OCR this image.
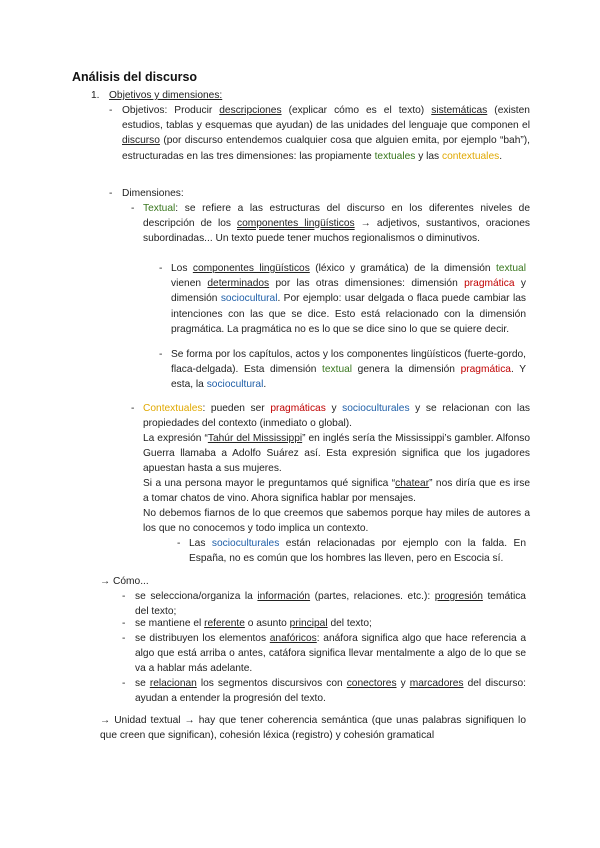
Análisis del discurso
1. Objetivos y dimensiones:
- Objetivos: Producir descripciones (explicar cómo es el texto) sistemáticas (existen estudios, tablas y esquemas que ayudan) de las unidades del lenguaje que componen el discurso (por discurso entendemos cualquier cosa que alguien emita, por ejemplo “bah”), estructuradas en las tres dimensiones: las propiamente textuales y las contextuales.
- Dimensiones:
- Textual: se refiere a las estructuras del discurso en los diferentes niveles de descripción de los componentes lingüísticos → adjetivos, sustantivos, oraciones subordinadas... Un texto puede tener muchos regionalismos o diminutivos.
- Los componentes lingüísticos (léxico y gramática) de la dimensión textual vienen determinados por las otras dimensiones: dimensión pragmática y dimensión sociocultural. Por ejemplo: usar delgada o flaca puede cambiar las intenciones con las que se dice. Esto está relacionado con la dimensión pragmática. La pragmática no es lo que se dice sino lo que se quiere decir.
- Se forma por los capítulos, actos y los componentes lingüísticos (fuerte-gordo, flaca-delgada). Esta dimensión textual genera la dimensión pragmática. Y esta, la sociocultural.
- Contextuales: pueden ser pragmáticas y socioculturales y se relacionan con las propiedades del contexto (inmediato o global).
La expresión “Tahúr del Mississippi” en inglés sería the Mississippi’s gambler. Alfonso Guerra llamaba a Adolfo Suárez así. Esta expresión significa que los jugadores apuestan hasta a sus mujeres.
Si a una persona mayor le preguntamos qué significa “chatear” nos diría que es irse a tomar chatos de vino. Ahora significa hablar por mensajes.
No debemos fiarnos de lo que creemos que sabemos porque hay miles de autores a los que no conocemos y todo implica un contexto.
- Las socioculturales están relacionadas por ejemplo con la falda. En España, no es común que los hombres las lleven, pero en Escocia sí.
→ Cómo...
- se selecciona/organiza la información (partes, relaciones. etc.): progresión temática del texto;
- se mantiene el referente o asunto principal del texto;
- se distribuyen los elementos anafóricos: anáfora significa algo que hace referencia a algo que está arriba o antes, catáfora significa llevar mentalmente a algo de lo que se va a hablar más adelante.
- se relacionan los segmentos discursivos con conectores y marcadores del discurso: ayudan a entender la progresión del texto.
→ Unidad textual → hay que tener coherencia semántica (que unas palabras signifiquen lo que creen que significan), cohesión léxica (registro) y cohesión gramatical
